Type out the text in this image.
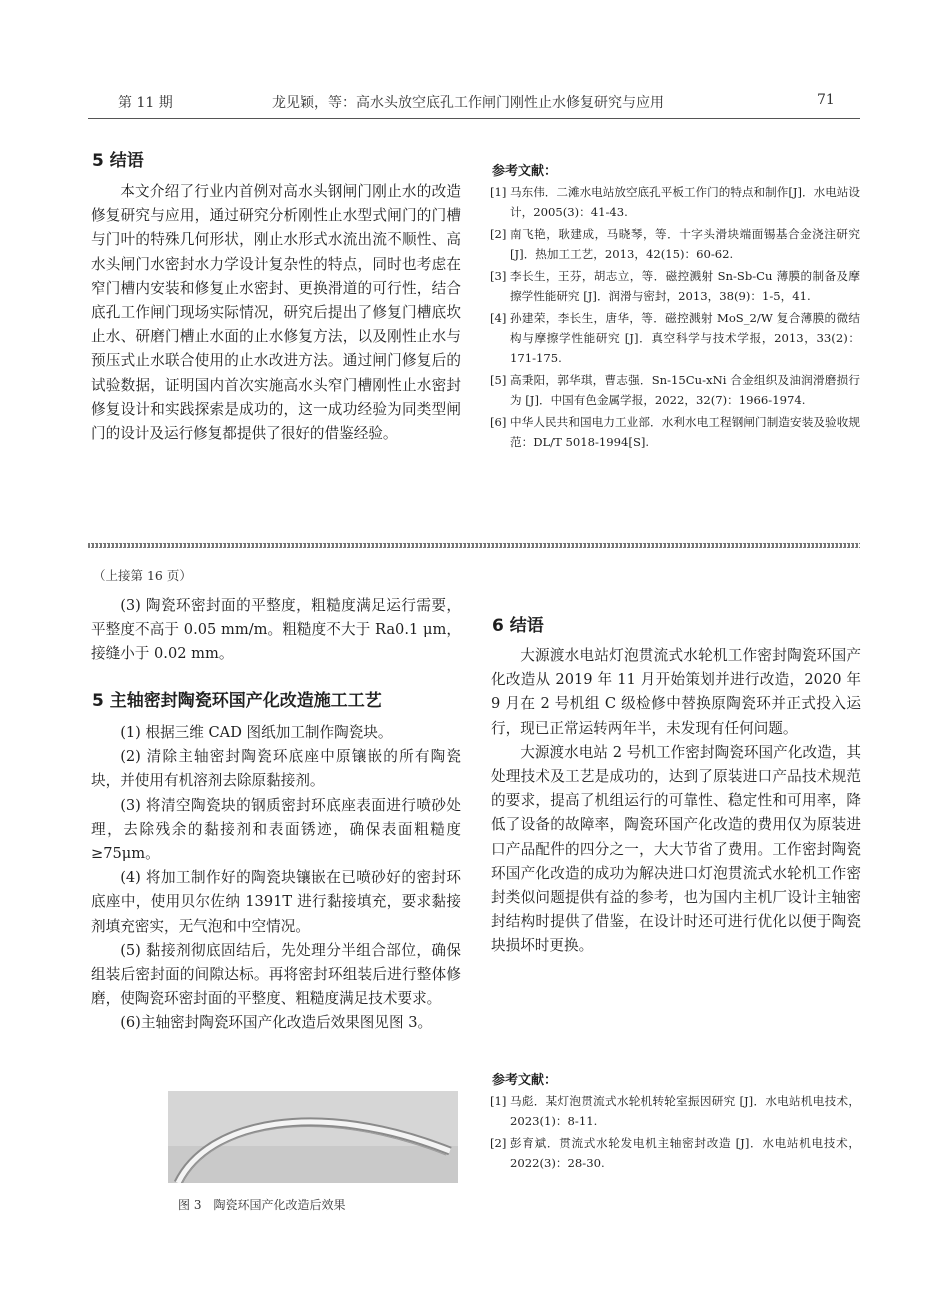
第 11 期	龙见颖，等：高水头放空底孔工作闸门刚性止水修复研究与应用	71
5 结语

本文介绍了行业内首例对高水头钢闸门刚止水的改造修复研究与应用，通过研究分析刚性止水型式闸门的门槽与门叶的特殊几何形状，刚止水形式水流出流不顺性、高水头闸门水密封水力学设计复杂性的特点，同时也考虑在窄门槽内安装和修复止水密封、更换滑道的可行性，结合底孔工作闸门现场实际情况，研究后提出了修复门槽底坎止水、研磨门槽止水面的止水修复方法，以及刚性止水与预压式止水联合使用的止水改进方法。通过闸门修复后的试验数据，证明国内首次实施高水头窄门槽刚性止水密封修复设计和实践探索是成功的，这一成功经验为同类型闸门的设计及运行修复都提供了很好的借鉴经验。

参考文献：
[1] 马东伟．二滩水电站放空底孔平板工作门的特点和制作[J]．水电站设计，2005(3)：41-43.
[2] 南飞艳，耿建成，马晓琴，等．十字头滑块端面锡基合金浇注研究[J]．热加工工艺，2013，42(15)：60-62.
[3] 李长生，王芬，胡志立，等．磁控溅射 Sn-Sb-Cu 薄膜的制备及摩擦学性能研究 [J]．润滑与密封，2013，38(9)：1-5，41.
[4] 孙建荣，李长生，唐华，等．磁控溅射 MoS_2/W 复合薄膜的微结构与摩擦学性能研究 [J]．真空科学与技术学报，2013，33(2)：171-175.
[5] 高秉阳，郭华琪，曹志强．Sn-15Cu-xNi 合金组织及油润滑磨损行为 [J]．中国有色金属学报，2022，32(7)：1966-1974.
[6] 中华人民共和国电力工业部．水利水电工程钢闸门制造安装及验收规范：DL/T 5018-1994[S].
（上接第 16 页）

(3) 陶瓷环密封面的平整度，粗糙度满足运行需要，平整度不高于 0.05 mm/m。粗糙度不大于 Ra0.1 μm，接缝小于 0.02 mm。

5 主轴密封陶瓷环国产化改造施工工艺

(1) 根据三维 CAD 图纸加工制作陶瓷块。

(2) 清除主轴密封陶瓷环底座中原镶嵌的所有陶瓷块，并使用有机溶剂去除原黏接剂。

(3) 将清空陶瓷块的钢质密封环底座表面进行喷砂处理，去除残余的黏接剂和表面锈迹，确保表面粗糙度≥75μm。

(4) 将加工制作好的陶瓷块镶嵌在已喷砂好的密封环底座中，使用贝尔佐纳 1391T 进行黏接填充，要求黏接剂填充密实，无气泡和中空情况。

(5) 黏接剂彻底固结后，先处理分半组合部位，确保组装后密封面的间隙达标。再将密封环组装后进行整体修磨，使陶瓷环密封面的平整度、粗糙度满足技术要求。

(6)主轴密封陶瓷环国产化改造后效果图见图 3。

图 3　陶瓷环国产化改造后效果
6 结语

大源渡水电站灯泡贯流式水轮机工作密封陶瓷环国产化改造从 2019 年 11 月开始策划并进行改造，2020 年 9 月在 2 号机组 C 级检修中替换原陶瓷环并正式投入运行，现已正常运转两年半，未发现有任何问题。

大源渡水电站 2 号机工作密封陶瓷环国产化改造，其处理技术及工艺是成功的，达到了原装进口产品技术规范的要求，提高了机组运行的可靠性、稳定性和可用率，降低了设备的故障率，陶瓷环国产化改造的费用仅为原装进口产品配件的四分之一，大大节省了费用。工作密封陶瓷环国产化改造的成功为解决进口灯泡贯流式水轮机工作密封类似问题提供有益的参考，也为国内主机厂设计主轴密封结构时提供了借鉴，在设计时还可进行优化以便于陶瓷块损坏时更换。

参考文献：
[1] 马彪．某灯泡贯流式水轮机转轮室振因研究 [J]．水电站机电技术，2023(1)：8-11.
[2] 彭育斌．贯流式水轮发电机主轴密封改造 [J]．水电站机电技术，2022(3)：28-30.
